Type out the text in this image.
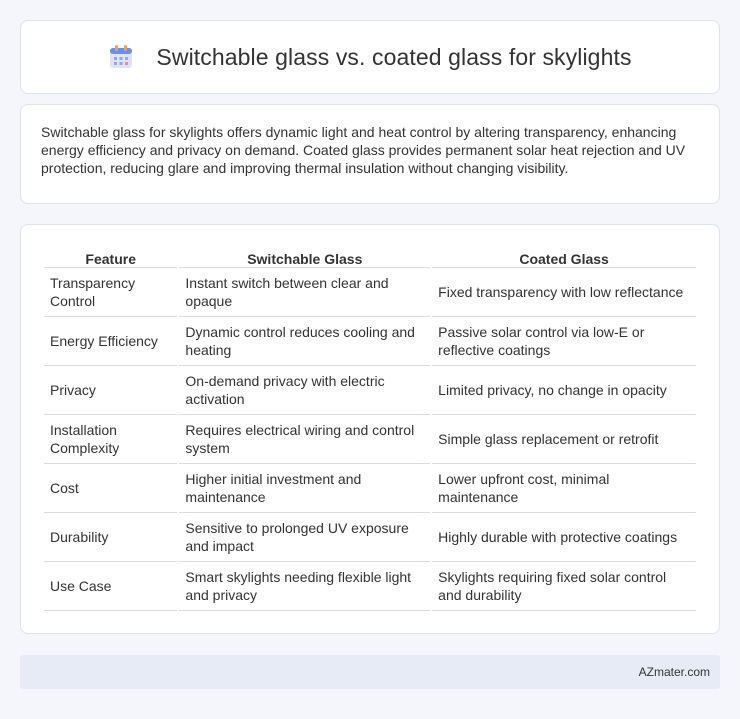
Switchable glass vs. coated glass for skylights

Switchable glass for skylights offers dynamic light and heat control by altering transparency, enhancing energy efficiency and privacy on demand. Coated glass provides permanent solar heat rejection and UV protection, reducing glare and improving thermal insulation without changing visibility.

Feature	Switchable Glass	Coated Glass
Transparency Control	Instant switch between clear and opaque	Fixed transparency with low reflectance
Energy Efficiency	Dynamic control reduces cooling and heating	Passive solar control via low-E or reflective coatings
Privacy	On-demand privacy with electric activation	Limited privacy, no change in opacity
Installation Complexity	Requires electrical wiring and control system	Simple glass replacement or retrofit
Cost	Higher initial investment and maintenance	Lower upfront cost, minimal maintenance
Durability	Sensitive to prolonged UV exposure and impact	Highly durable with protective coatings
Use Case	Smart skylights needing flexible light and privacy	Skylights requiring fixed solar control and durability
AZmater.com
